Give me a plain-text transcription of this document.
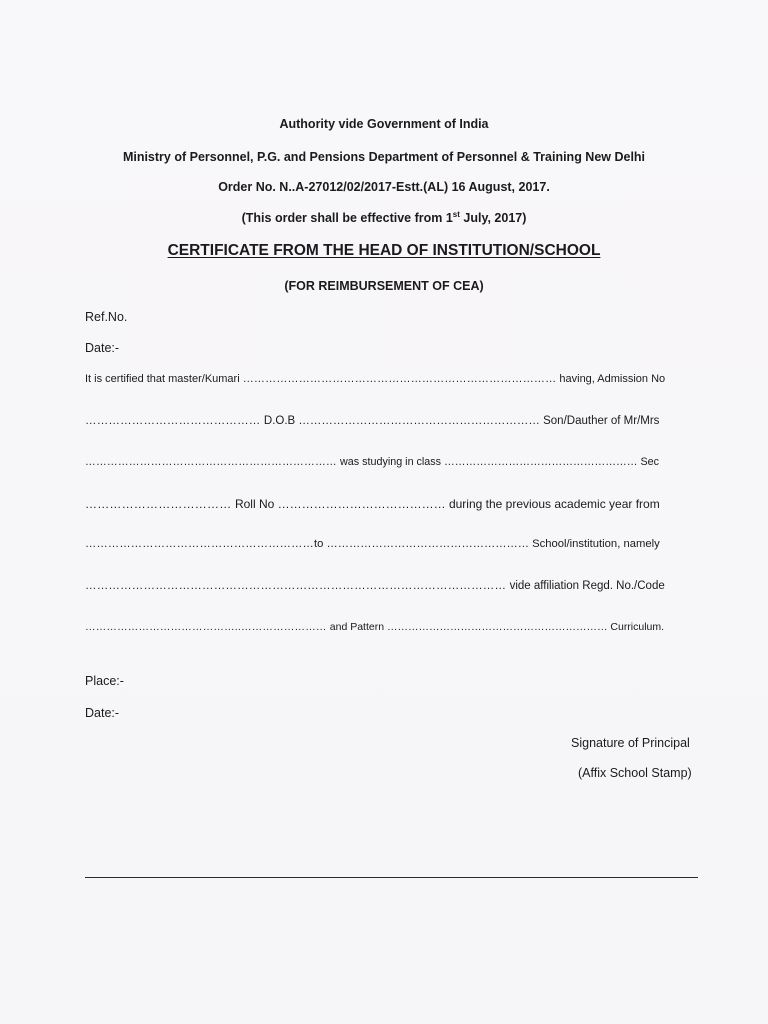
Authority vide Government of India
Ministry of Personnel, P.G. and Pensions Department of Personnel & Training New Delhi
Order No. N..A-27012/02/2017-Estt.(AL) 16 August, 2017.
(This order shall be effective from 1st July, 2017)
CERTIFICATE FROM THE HEAD OF INSTITUTION/SCHOOL
(FOR REIMBURSEMENT OF CEA)
Ref.No.
Date:-
It is certified that master/Kumari ………………………………………………………………………… having, Admission No
……………………………………… D.O.B ……………………………………………………… Son/Dauther of Mr/Mrs
…………………………………………………………… was studying in class ……………………………………………… Sec
……………………………… Roll No …………………………………… during the previous academic year from
……………………………………………………to ……………………………………………… School/institution, namely
……………………………………………………………………………………………… vide affiliation Regd. No./Code
……………………………………..…………………… and Pattern ……………………………………………………… Curriculum.
Place:-
Date:-
Signature of Principal
(Affix School Stamp)
